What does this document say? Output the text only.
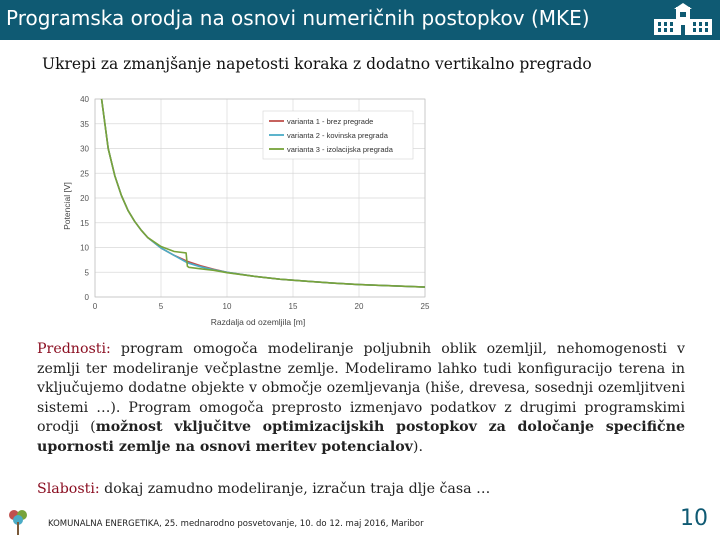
Programska orodja na osnovi numeričnih postopkov (MKE)
Ukrepi za zmanjšanje napetosti koraka z dodatno vertikalno pregrado
0
5
10
15
20
25
30
35
40
0	5	10	15	20	25
Razdalja od ozemljila [m]
Potencial [V]
varianta 1 - brez pregrade
varianta 2 - kovinska pregrada
varianta 3 - izolacijska pregrada

Prednosti: program omogoča modeliranje poljubnih oblik ozemljil, nehomogenosti v zemlji ter modeliranje večplastne zemlje. Modeliramo lahko tudi konfiguracijo terena in vključujemo dodatne objekte v območje ozemljevanja (hiše, drevesa, sosednji ozemljitveni sistemi …). Program omogoča preprosto izmenjavo podatkov z drugimi programskimi orodji (možnost vključitve optimizacijskih postopkov za določanje specifične upornosti zemlje na osnovi meritev potencialov).

Slabosti: dokaj zamudno modeliranje, izračun traja dlje časa …
KOMUNALNA ENERGETIKA, 25. mednarodno posvetovanje, 10. do 12. maj 2016, Maribor	10
